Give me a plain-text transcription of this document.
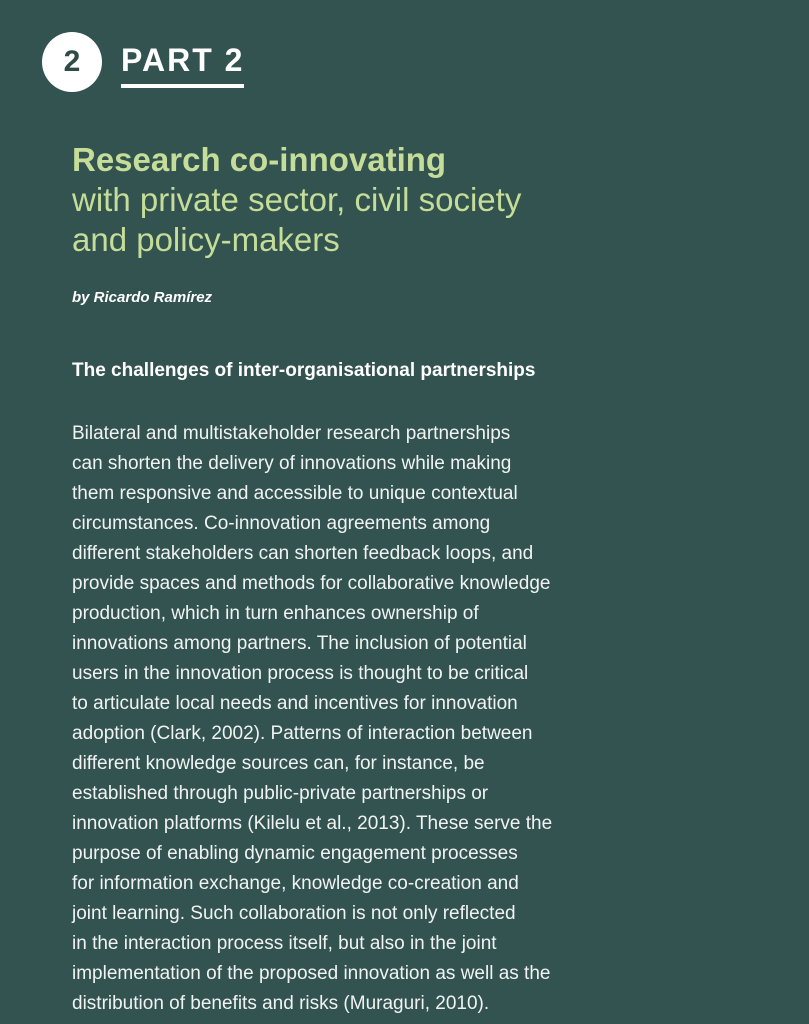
2	PART 2
Research co-innovating
with private sector, civil society
and policy-makers
by Ricardo Ramírez
The challenges of inter-organisational partnerships
Bilateral and multistakeholder research partnerships
can shorten the delivery of innovations while making
them responsive and accessible to unique contextual
circumstances. Co-innovation agreements among
different stakeholders can shorten feedback loops, and
provide spaces and methods for collaborative knowledge
production, which in turn enhances ownership of
innovations among partners. The inclusion of potential
users in the innovation process is thought to be critical
to articulate local needs and incentives for innovation
adoption (Clark, 2002). Patterns of interaction between
different knowledge sources can, for instance, be
established through public-private partnerships or
innovation platforms (Kilelu et al., 2013). These serve the
purpose of enabling dynamic engagement processes
for information exchange, knowledge co-creation and
joint learning. Such collaboration is not only reflected
in the interaction process itself, but also in the joint
implementation of the proposed innovation as well as the
distribution of benefits and risks (Muraguri, 2010).
